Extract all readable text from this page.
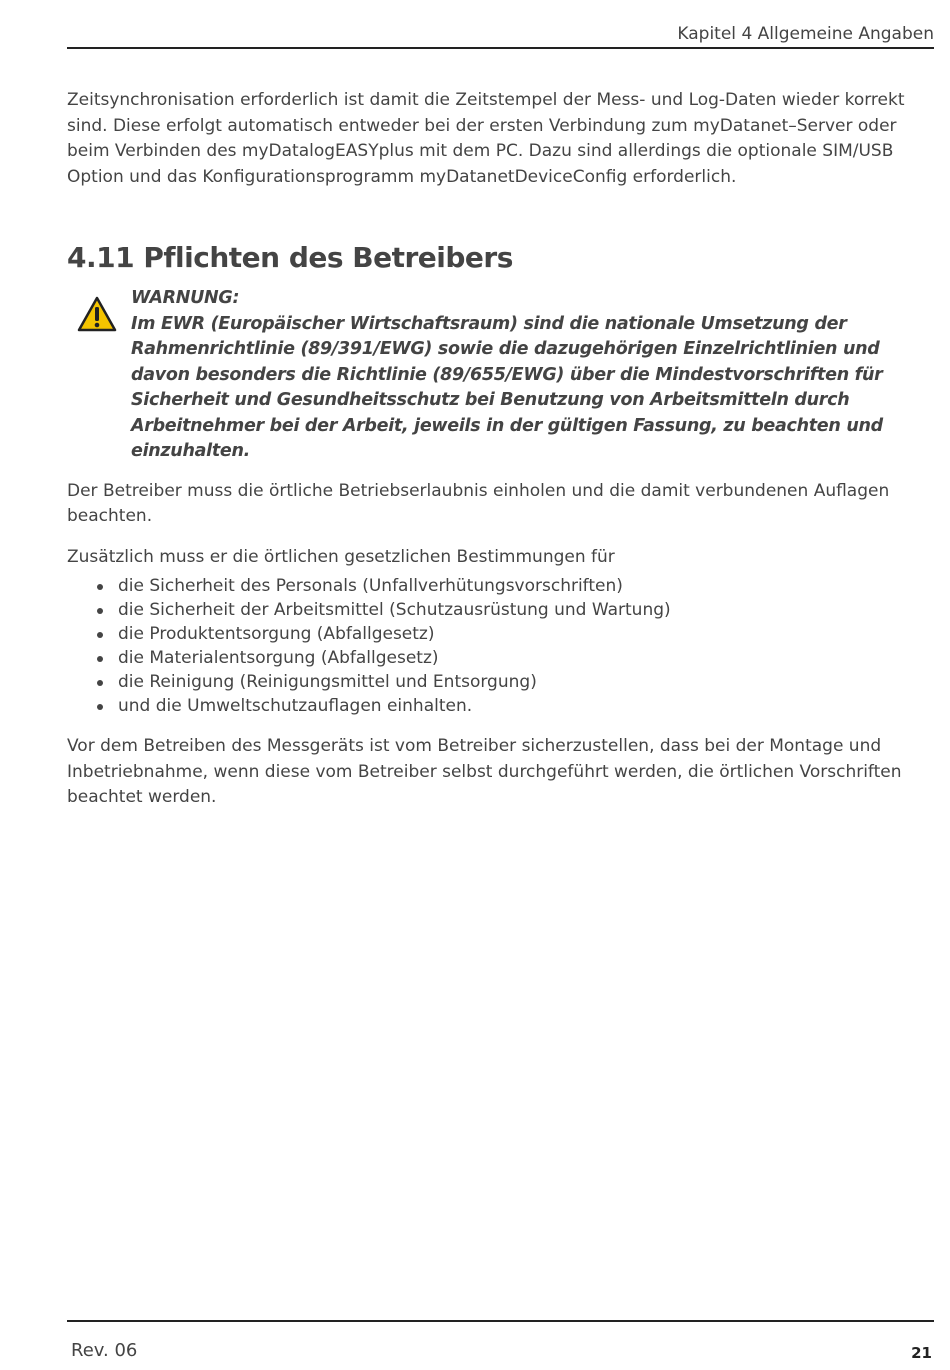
Kapitel 4 Allgemeine Angaben

Zeitsynchronisation erforderlich ist damit die Zeitstempel der Mess- und Log-Daten wieder korrekt sind. Diese erfolgt automatisch entweder bei der ersten Verbindung zum myDatanet–Server oder beim Verbinden des myDatalogEASYplus mit dem PC. Dazu sind allerdings die optionale SIM/USB Option und das Konfigurationsprogramm myDatanetDeviceConfig erforderlich.

4.11 Pflichten des Betreibers

WARNUNG:
Im EWR (Europäischer Wirtschaftsraum) sind die nationale Umsetzung der Rahmenrichtlinie (89/391/EWG) sowie die dazugehörigen Einzelrichtlinien und davon besonders die Richtlinie (89/655/EWG) über die Mindestvorschriften für Sicherheit und Gesundheitsschutz bei Benutzung von Arbeitsmitteln durch Arbeitnehmer bei der Arbeit, jeweils in der gültigen Fassung, zu beachten und einzuhalten.

Der Betreiber muss die örtliche Betriebserlaubnis einholen und die damit verbundenen Auflagen beachten.

Zusätzlich muss er die örtlichen gesetzlichen Bestimmungen für

die Sicherheit des Personals (Unfallverhütungsvorschriften)
die Sicherheit der Arbeitsmittel (Schutzausrüstung und Wartung)
die Produktentsorgung (Abfallgesetz)
die Materialentsorgung (Abfallgesetz)
die Reinigung (Reinigungsmittel und Entsorgung)
und die Umweltschutzauflagen einhalten.

Vor dem Betreiben des Messgeräts ist vom Betreiber sicherzustellen, dass bei der Montage und Inbetriebnahme, wenn diese vom Betreiber selbst durchgeführt werden, die örtlichen Vorschriften beachtet werden.

Rev. 06	21
